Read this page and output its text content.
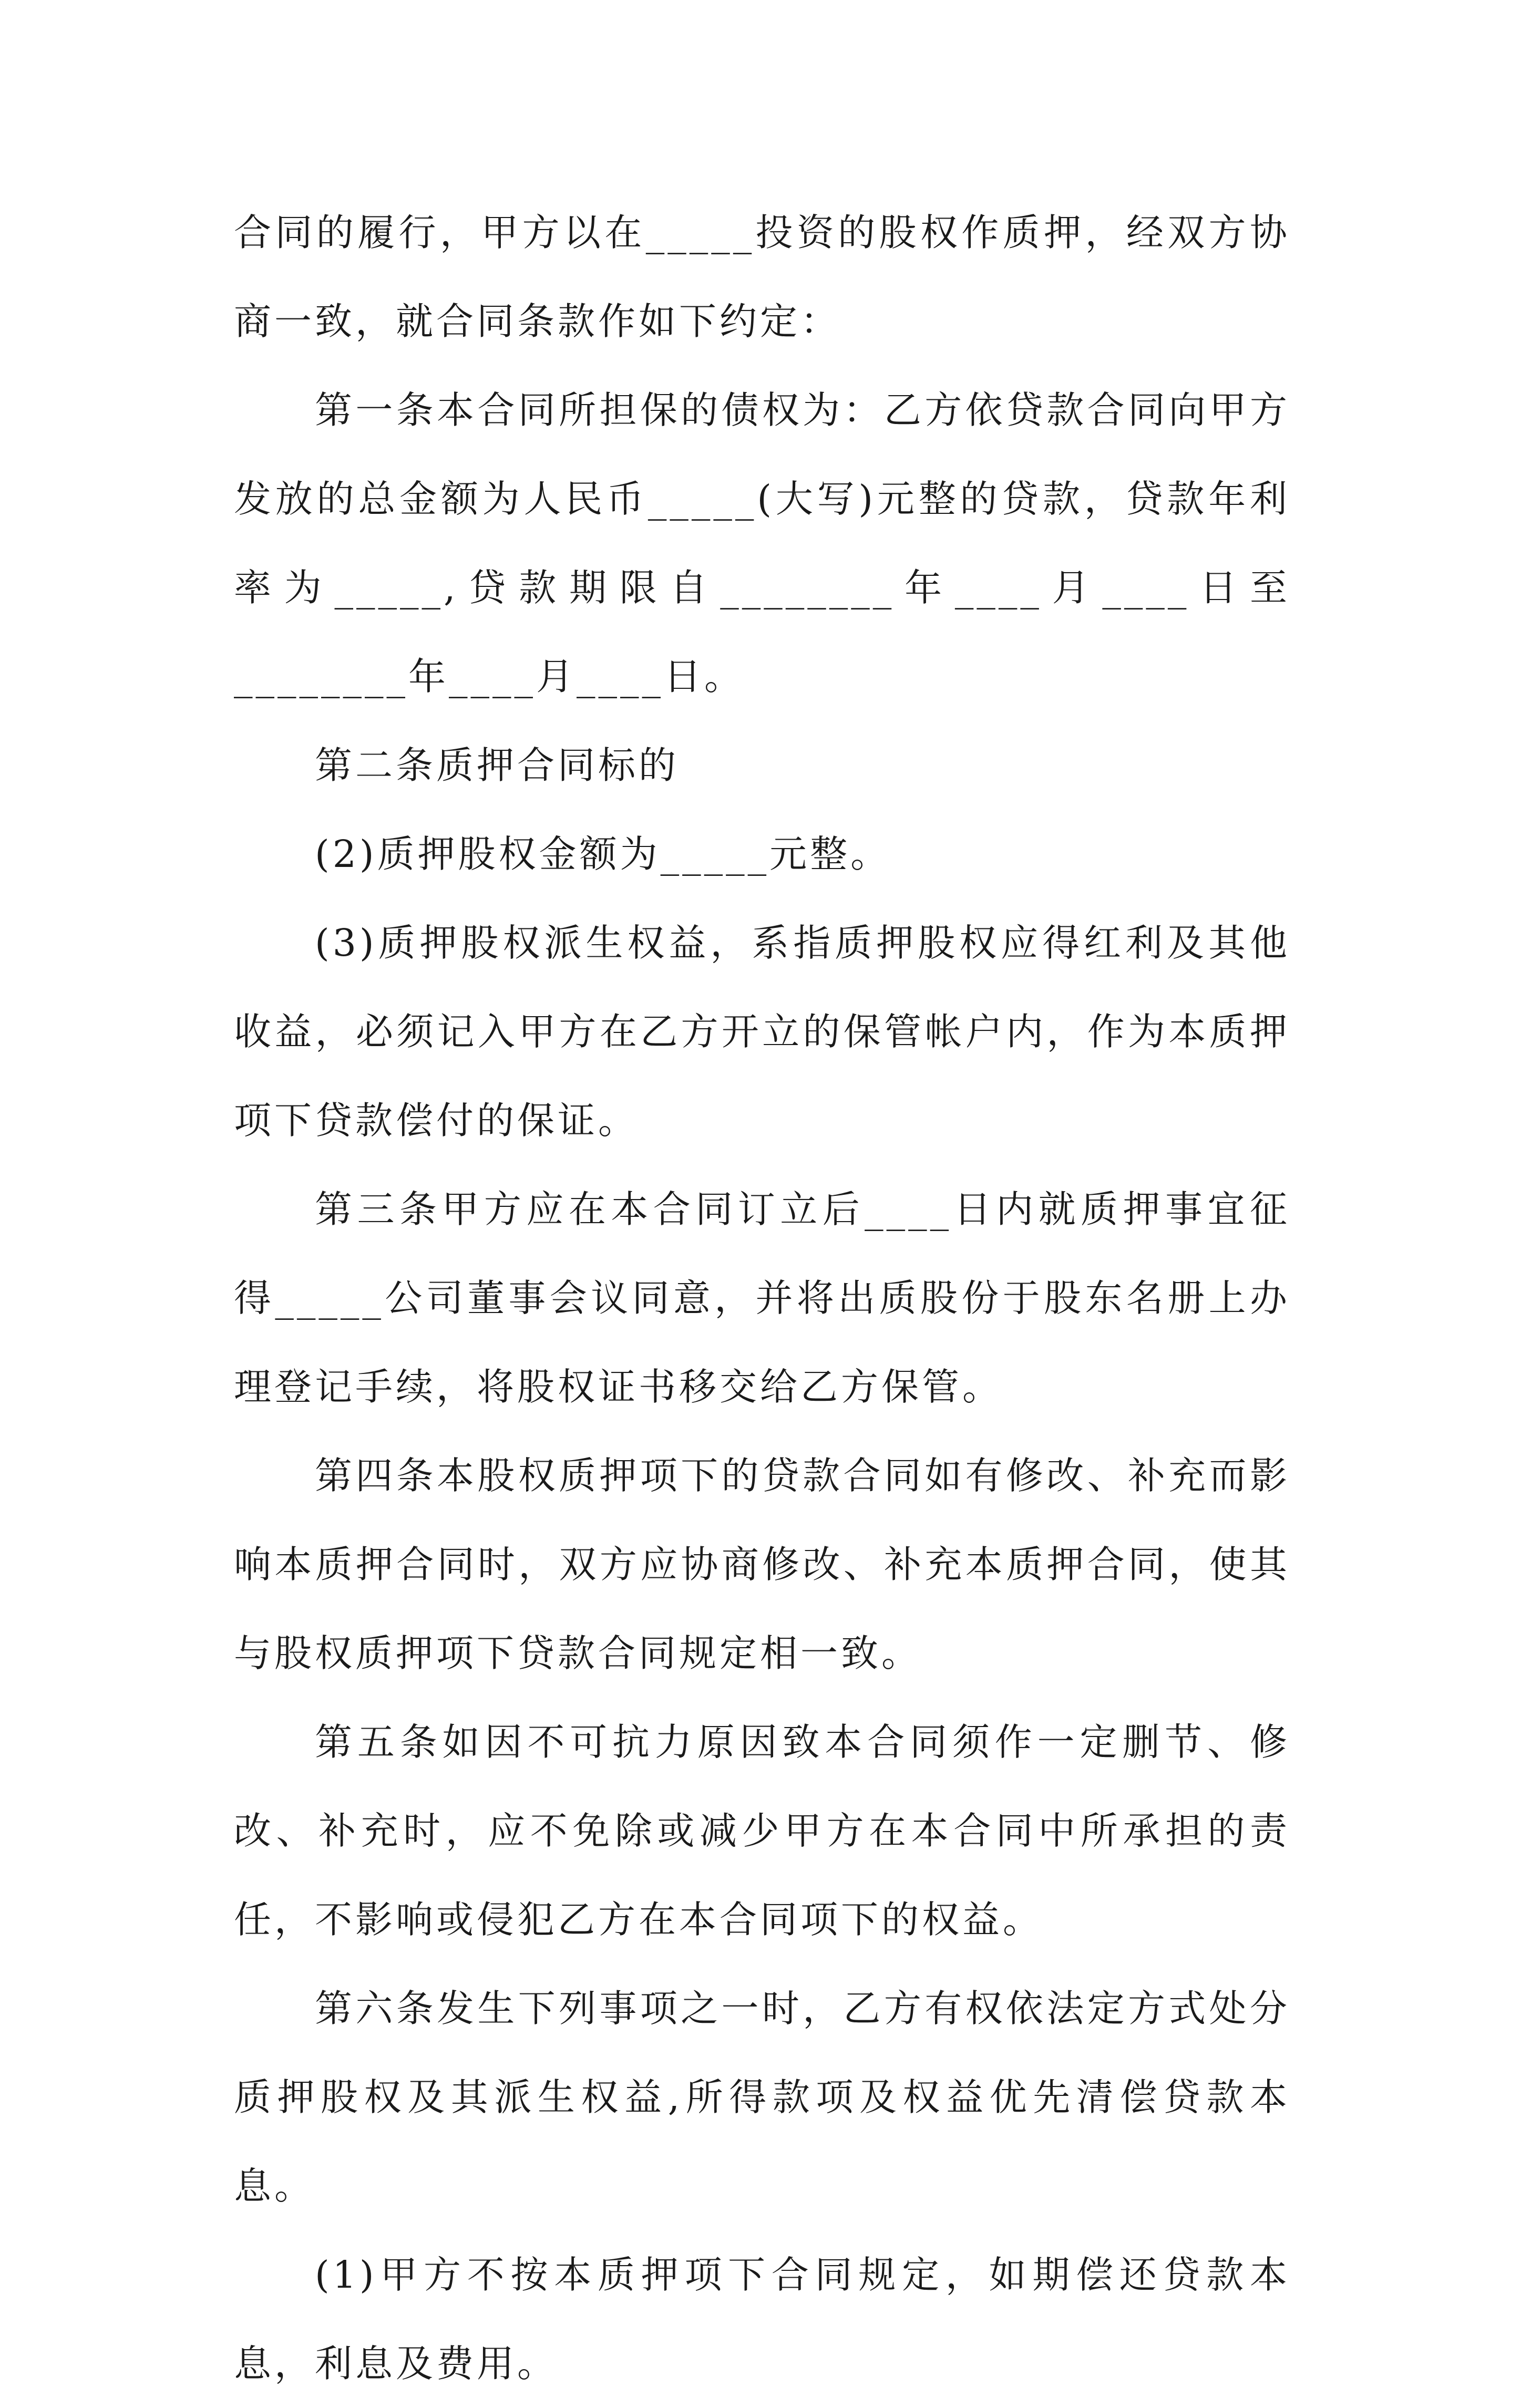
合同的履行，甲方以在_____投资的股权作质押，经双方协商一致，就合同条款作如下约定：

第一条本合同所担保的债权为：乙方依贷款合同向甲方发放的总金额为人民币_____(大写)元整的贷款，贷款年利率为_____,贷款期限自________年____月____日至________年____月____日。

第二条质押合同标的

(2)质押股权金额为_____元整。

(3)质押股权派生权益，系指质押股权应得红利及其他收益，必须记入甲方在乙方开立的保管帐户内，作为本质押项下贷款偿付的保证。

第三条甲方应在本合同订立后____日内就质押事宜征得_____公司董事会议同意，并将出质股份于股东名册上办理登记手续，将股权证书移交给乙方保管。

第四条本股权质押项下的贷款合同如有修改、补充而影响本质押合同时，双方应协商修改、补充本质押合同，使其与股权质押项下贷款合同规定相一致。

第五条如因不可抗力原因致本合同须作一定删节、修改、补充时，应不免除或减少甲方在本合同中所承担的责任，不影响或侵犯乙方在本合同项下的权益。

第六条发生下列事项之一时，乙方有权依法定方式处分质押股权及其派生权益,所得款项及权益优先清偿贷款本息。

(1)甲方不按本质押项下合同规定，如期偿还贷款本息，利息及费用。
